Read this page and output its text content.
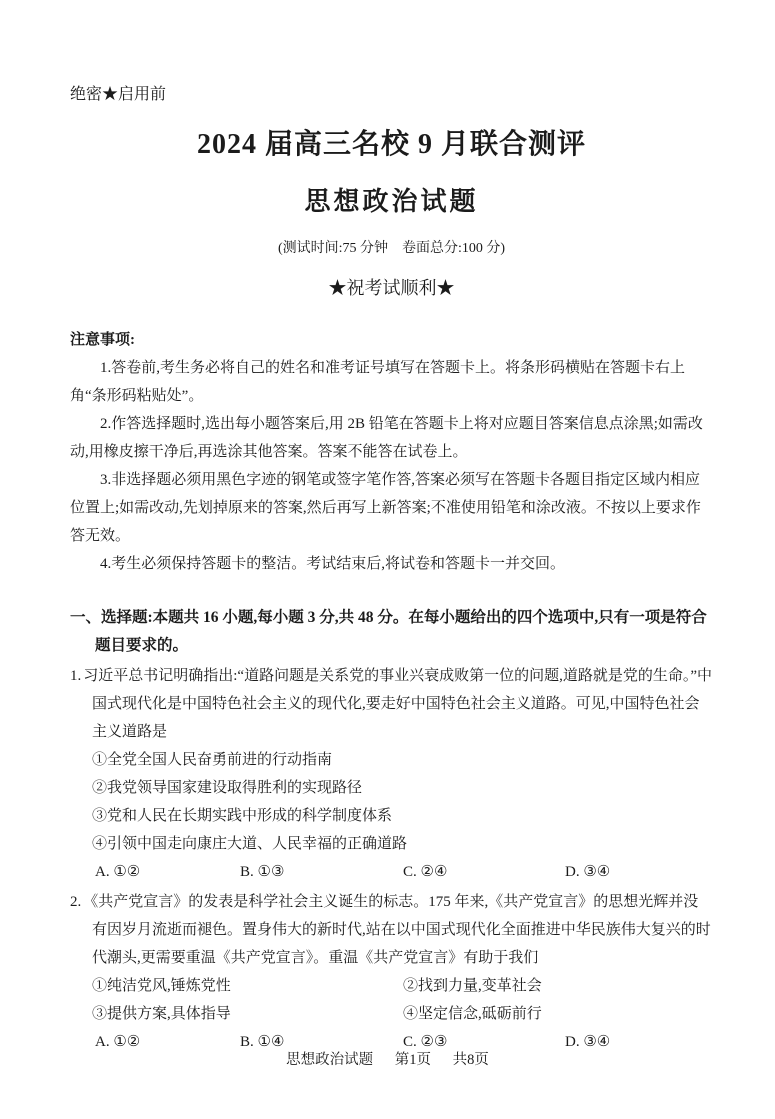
绝密★启用前
2024 届高三名校 9 月联合测评
思想政治试题
(测试时间:75 分钟　卷面总分:100 分)
★祝考试顺利★
注意事项:

1.答卷前,考生务必将自己的姓名和准考证号填写在答题卡上。将条形码横贴在答题卡右上角“条形码粘贴处”。

2.作答选择题时,选出每小题答案后,用 2B 铅笔在答题卡上将对应题目答案信息点涂黑;如需改动,用橡皮擦干净后,再选涂其他答案。答案不能答在试卷上。

3.非选择题必须用黑色字迹的钢笔或签字笔作答,答案必须写在答题卡各题目指定区域内相应位置上;如需改动,先划掉原来的答案,然后再写上新答案;不准使用铅笔和涂改液。不按以上要求作答无效。

4.考生必须保持答题卡的整洁。考试结束后,将试卷和答题卡一并交回。

一、选择题:本题共 16 小题,每小题 3 分,共 48 分。在每小题给出的四个选项中,只有一项是符合题目要求的。

1. 习近平总书记明确指出:“道路问题是关系党的事业兴衰成败第一位的问题,道路就是党的生命。”中国式现代化是中国特色社会主义的现代化,要走好中国特色社会主义道路。可见,中国特色社会主义道路是

①全党全国人民奋勇前进的行动指南
②我党领导国家建设取得胜利的实现路径
③党和人民在长期实践中形成的科学制度体系
④引领中国走向康庄大道、人民幸福的正确道路
A. ①②	B. ①③	C. ②④	D. ③④

2. 《共产党宣言》的发表是科学社会主义诞生的标志。175 年来,《共产党宣言》的思想光辉并没有因岁月流逝而褪色。置身伟大的新时代,站在以中国式现代化全面推进中华民族伟大复兴的时代潮头,更需要重温《共产党宣言》。重温《共产党宣言》有助于我们

①纯洁党风,锤炼党性	②找到力量,变革社会
③提供方案,具体指导	④坚定信念,砥砺前行
A. ①②	B. ①④	C. ②③	D. ③④
思想政治试题 第1页 共8页
